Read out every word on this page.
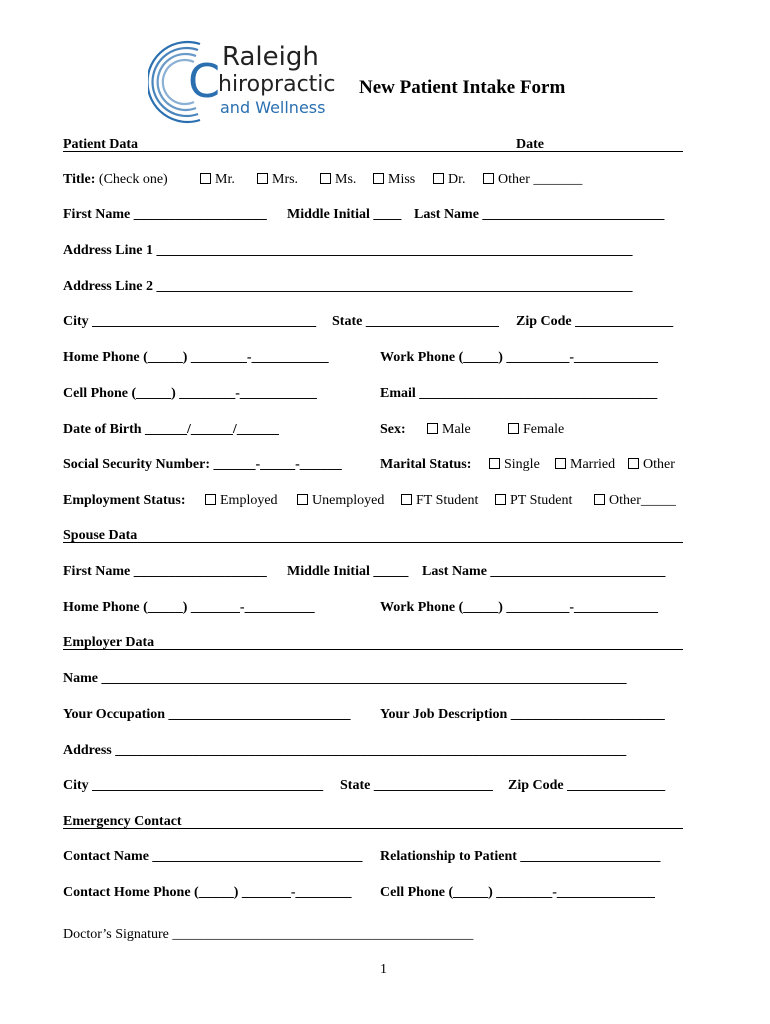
Raleigh
C
hiropractic
and Wellness
New Patient Intake Form
Patient Data	Date
Title: (Check one)	Mr.	Mrs.	Ms.	Miss	Dr.	Other _______
First Name ___________________ Middle Initial ____ Last Name __________________________
Address Line 1 ____________________________________________________________________
Address Line 2 ____________________________________________________________________
City ________________________________ State ___________________ Zip Code ______________
Home Phone (_____) ________-___________	Work Phone (_____) _________-____________
Cell Phone (_____) ________-___________	Email __________________________________
Date of Birth ______/______/______	Sex:	Male	Female
Social Security Number: ______-_____-______	Marital Status:	Single	Married	Other
Employment Status:	Employed	Unemployed	FT Student	PT Student	Other_____
Spouse Data
First Name ___________________ Middle Initial _____ Last Name _________________________
Home Phone (_____) _______-__________	Work Phone (_____) _________-____________
Employer Data
Name ___________________________________________________________________________
Your Occupation __________________________ Your Job Description ______________________
Address _________________________________________________________________________
City _________________________________ State _________________ Zip Code ______________
Emergency Contact
Contact Name ______________________________ Relationship to Patient ____________________
Contact Home Phone (_____) _______-________ Cell Phone (_____) ________-______________
Doctor’s Signature ___________________________________________
1
